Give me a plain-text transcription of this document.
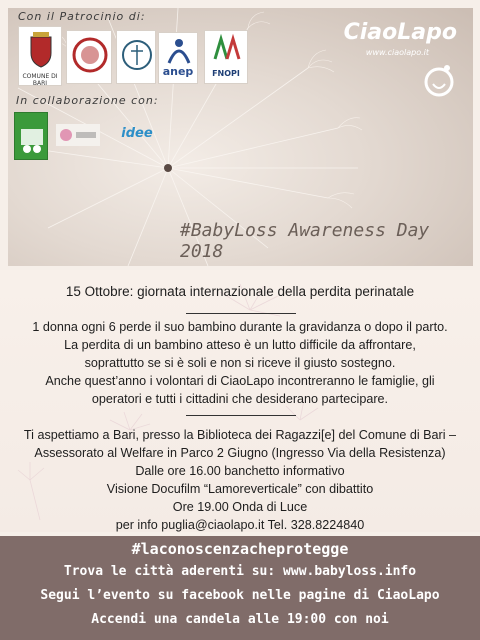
Con il Patrocinio di:
COMUNE DI BARI
anep	FNOPI
In collaborazione con:
idee
CiaoLapo
www.ciaolapo.it
#BabyLoss Awareness Day 2018
15 Ottobre: giornata internazionale della perdita perinatale
1 donna ogni 6 perde il suo bambino durante la gravidanza o dopo il parto.
La perdita di un bambino atteso è un lutto difficile da affrontare,
soprattutto se si è soli e non si riceve il giusto sostegno.
Anche quest’anno i volontari di CiaoLapo incontreranno le famiglie, gli
operatori e tutti i cittadini che desiderano partecipare.
Ti aspettiamo a Bari, presso la Biblioteca dei Ragazzi[e] del Comune di Bari –
Assessorato al Welfare in Parco 2 Giugno (Ingresso Via della Resistenza)
Dalle ore 16.00 banchetto informativo
Visione Docufilm “Lamoreverticale” con dibattito
Ore 19.00 Onda di Luce
per info puglia@ciaolapo.it Tel. 328.8224840
#laconoscenzacheprotegge
Trova le città aderenti su: www.babyloss.info
Segui l’evento su facebook nelle pagine di CiaoLapo
Accendi una candela alle 19:00 con noi
